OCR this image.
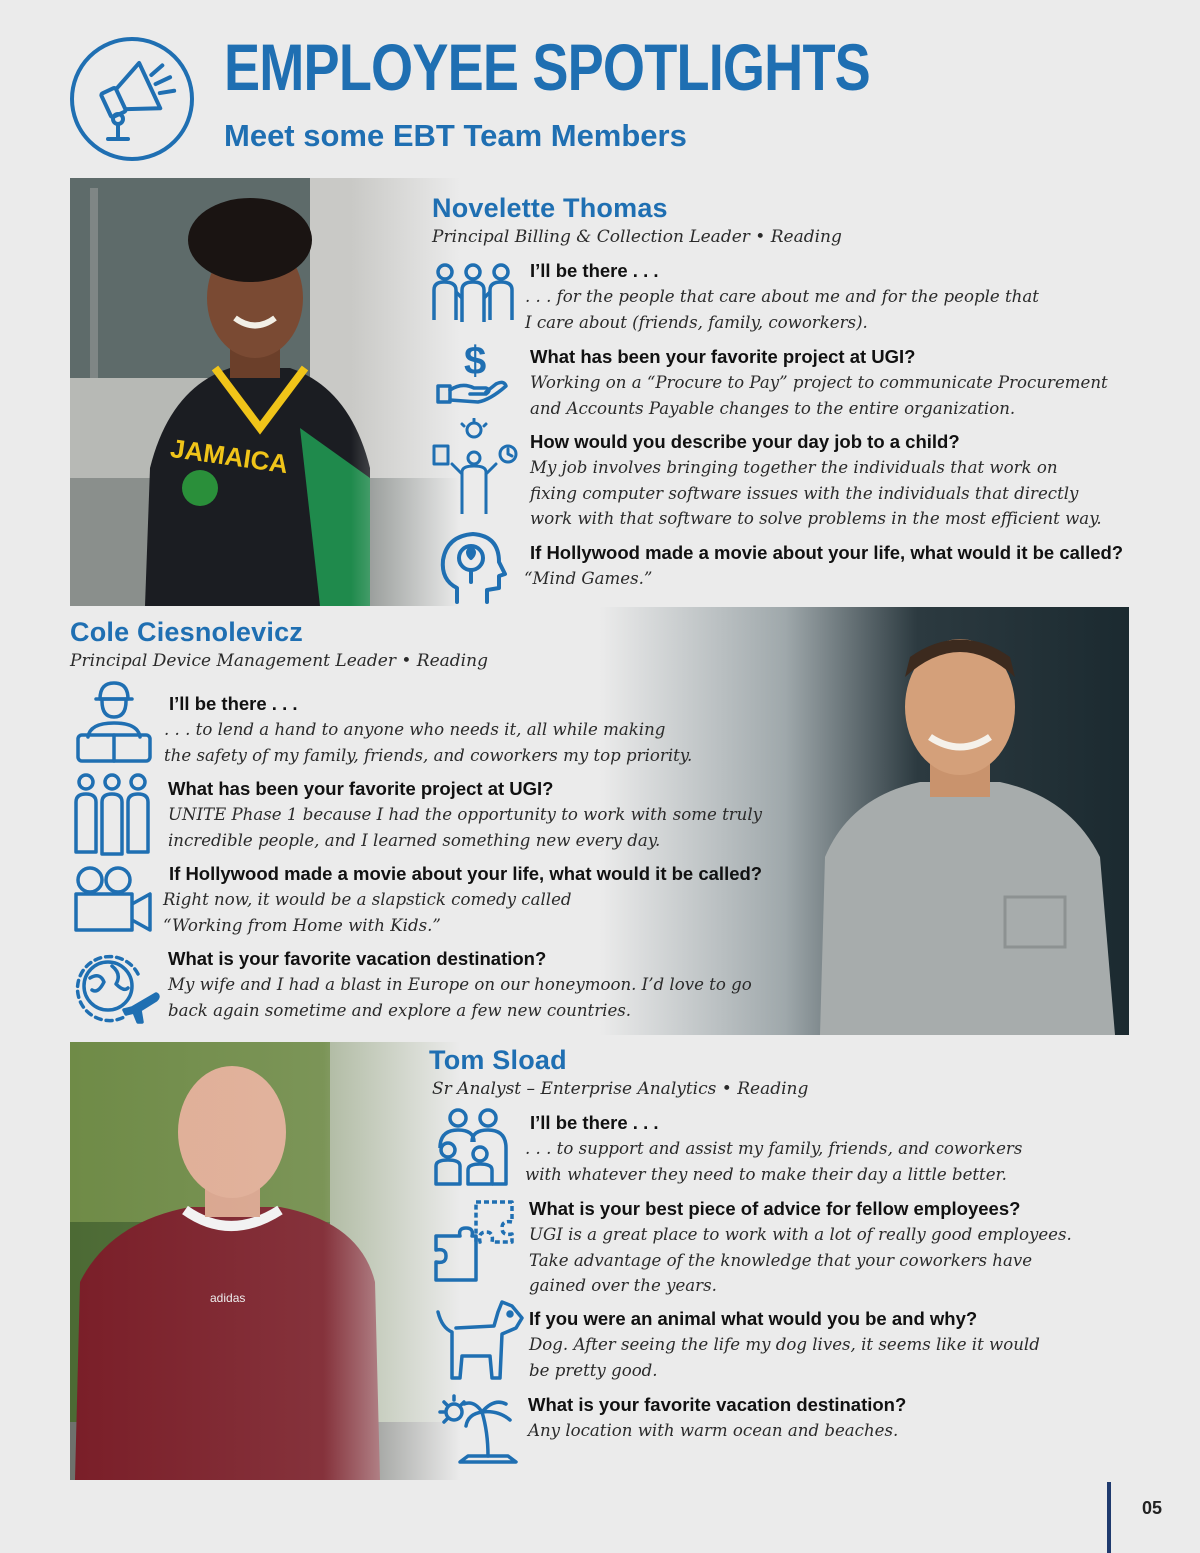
EMPLOYEE SPOTLIGHTS
Meet some EBT Team Members
Novelette Thomas

Principal Billing & Collection Leader • Reading

I’ll be there . . .

. . . for the people that care about me and for the people that
I care about (friends, family, coworkers).

$ What has been your favorite project at UGI?

Working on a “Procure to Pay” project to communicate Procurement
and Accounts Payable changes to the entire organization.

How would you describe your day job to a child?

My job involves bringing together the individuals that work on
fixing computer software issues with the individuals that directly
work with that software to solve problems in the most efficient way.

If Hollywood made a movie about your life, what would it be called?

“Mind Games.”

Cole Ciesnolevicz

Principal Device Management Leader • Reading

I’ll be there . . .

. . . to lend a hand to anyone who needs it, all while making
the safety of my family, friends, and coworkers my top priority.

What has been your favorite project at UGI?

UNITE Phase 1 because I had the opportunity to work with some truly
incredible people, and I learned something new every day.

If Hollywood made a movie about your life, what would it be called?

Right now, it would be a slapstick comedy called
“Working from Home with Kids.”

What is your favorite vacation destination?

My wife and I had a blast in Europe on our honeymoon. I’d love to go
back again sometime and explore a few new countries.

Tom Sload

Sr Analyst – Enterprise Analytics • Reading

I’ll be there . . .

. . . to support and assist my family, friends, and coworkers
with whatever they need to make their day a little better.

What is your best piece of advice for fellow employees?

UGI is a great place to work with a lot of really good employees.
Take advantage of the knowledge that your coworkers have
gained over the years.

If you were an animal what would you be and why?

Dog. After seeing the life my dog lives, it seems like it would
be pretty good.

What is your favorite vacation destination?

Any location with warm ocean and beaches.

05
